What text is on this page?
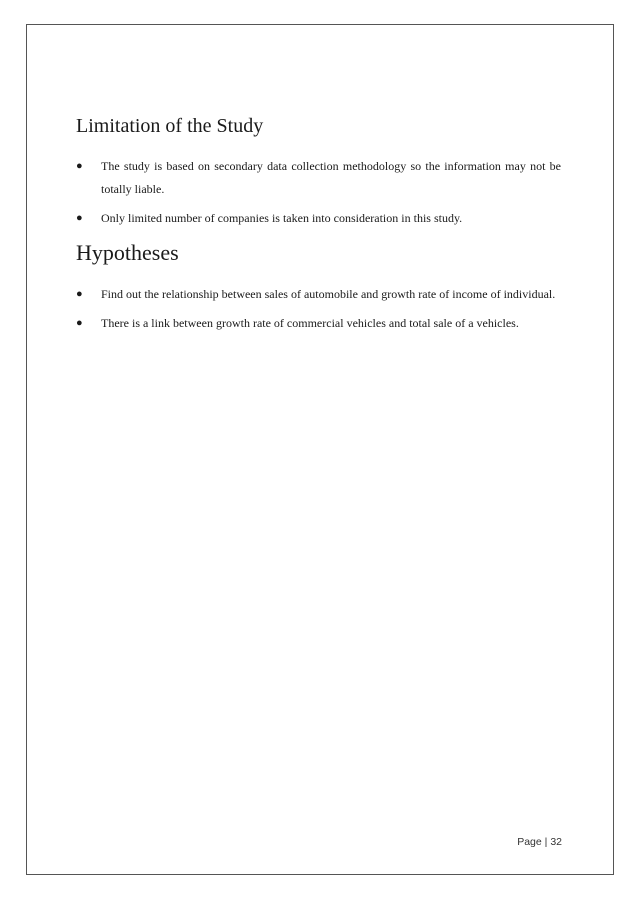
Limitation of the Study
●	The study is based on secondary data collection methodology so the information may not be totally liable.
●	Only limited number of companies is taken into consideration in this study.
Hypotheses
●	Find out the relationship between sales of automobile and growth rate of income of individual.
●	There is a link between growth rate of commercial vehicles and total sale of a vehicles.
Page | 32
